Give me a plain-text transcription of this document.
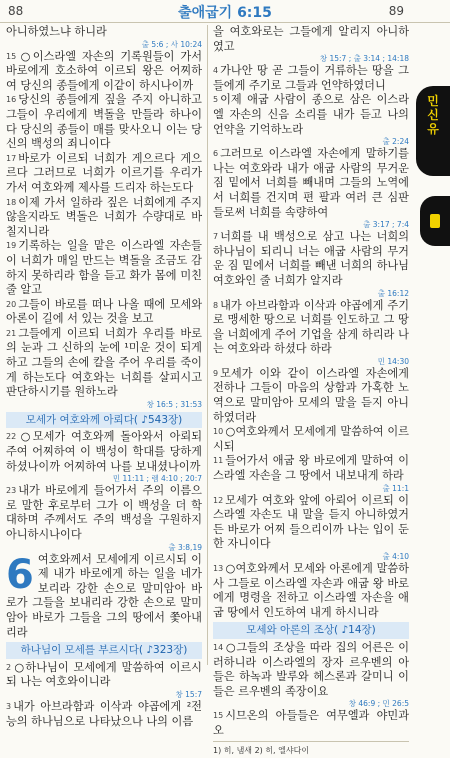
88	출애굽기 6:15	89

아니하였느냐 하니라

출 5:6 ; 사 10:24

15 ○이스라엘 자손의 기록원들이 가서 바로에게 호소하여 이르되 왕은 어찌하여 당신의 종들에게 이같이 하시나이까

16 당신의 종들에게 짚을 주지 아니하고 그들이 우리에게 벽돌을 만들라 하나이다 당신의 종들이 매를 맞사오니 이는 당신의 백성의 죄니이다

17 바로가 이르되 너희가 게으르다 게으르다 그러므로 너희가 이르기를 우리가 가서 여호와께 제사를 드리자 하는도다

18 이제 가서 일하라 짚은 너희에게 주지 않을지라도 벽돌은 너희가 수량대로 바칠지니라

19 기록하는 일을 맡은 이스라엘 자손들이 너희가 매일 만드는 벽돌을 조금도 감하지 못하리라 함을 듣고 화가 몸에 미친 줄 알고

20 그들이 바로를 떠나 나올 때에 모세와 아론이 길에 서 있는 것을 보고

21 그들에게 이르되 너희가 우리를 바로의 눈과 그 신하의 눈에 ¹미운 것이 되게 하고 그들의 손에 칼을 주어 우리를 죽이게 하는도다 여호와는 너희를 살피시고 판단하시기를 원하노라

창 16:5 ; 31:53
모세가 여호와께 아뢰다( ♪543장)

22 ○모세가 여호와께 돌아와서 아뢰되 주여 어찌하여 이 백성이 학대를 당하게 하셨나이까 어찌하여 나를 보내셨나이까

민 11:11 ; 렘 4:10 ; 20:7

23 내가 바로에게 들어가서 주의 이름으로 말한 후로부터 그가 이 백성을 더 학대하며 주께서도 주의 백성을 구원하지 아니하시나이다

출 3:8,19

6 여호와께서 모세에게 이르시되 이제 내가 바로에게 하는 일을 네가 보리라 강한 손으로 말미암아 바로가 그들을 보내리라 강한 손으로 말미암아 바로가 그들을 그의 땅에서 쫓아내리라

하나님이 모세를 부르시다( ♪323장)

2 ○하나님이 모세에게 말씀하여 이르시되 나는 여호와이니라

창 15:7

3 내가 아브라함과 이삭과 야곱에게 ²전능의 하나님으로 나타났으나 나의 이름

을 여호와로는 그들에게 알리지 아니하였고

창 15:7 ; 출 3:14 ; 14:18

4 가나안 땅 곧 그들이 거류하는 땅을 그들에게 주기로 그들과 언약하였더니

5 이제 애굽 사람이 종으로 삼은 이스라엘 자손의 신음 소리를 내가 듣고 나의 언약을 기억하노라

출 2:24

6 그러므로 이스라엘 자손에게 말하기를 나는 여호와라 내가 애굽 사람의 무거운 짐 밑에서 너희를 빼내며 그들의 노역에서 너희를 건지며 편 팔과 여러 큰 심판들로써 너희를 속량하여

출 3:17 ; 7:4

7 너희를 내 백성으로 삼고 나는 너희의 하나님이 되리니 너는 애굽 사람의 무거운 짐 밑에서 너희를 빼낸 너희의 하나님 여호와인 줄 너희가 알지라

출 16:12

8 내가 아브라함과 이삭과 야곱에게 주기로 맹세한 땅으로 너희를 인도하고 그 땅을 너희에게 주어 기업을 삼게 하리라 나는 여호와라 하셨다 하라

민 14:30

9 모세가 이와 같이 이스라엘 자손에게 전하나 그들이 마음의 상함과 가혹한 노역으로 말미암아 모세의 말을 듣지 아니하였더라

10 ○여호와께서 모세에게 말씀하여 이르시되

11 들어가서 애굽 왕 바로에게 말하여 이스라엘 자손을 그 땅에서 내보내게 하라

출 11:1

12 모세가 여호와 앞에 아뢰어 이르되 이스라엘 자손도 내 말을 듣지 아니하였거든 바로가 어찌 들으리이까 나는 입이 둔한 자니이다

출 4:10

13 ○여호와께서 모세와 아론에게 말씀하사 그들로 이스라엘 자손과 애굽 왕 바로에게 명령을 전하고 이스라엘 자손을 애굽 땅에서 인도하여 내게 하시니라

모세와 아론의 조상( ♪14장)

14 ○그들의 조상을 따라 집의 어른은 이러하니라 이스라엘의 장자 르우벤의 아들은 하녹과 발루와 헤스론과 갈미니 이들은 르우벤의 족장이요

창 46:9 ; 민 26:5

15 시므온의 아들들은 여무엘과 야민과 오

1) 히, 냄새 2) 히, 엘샤다이
민신유
